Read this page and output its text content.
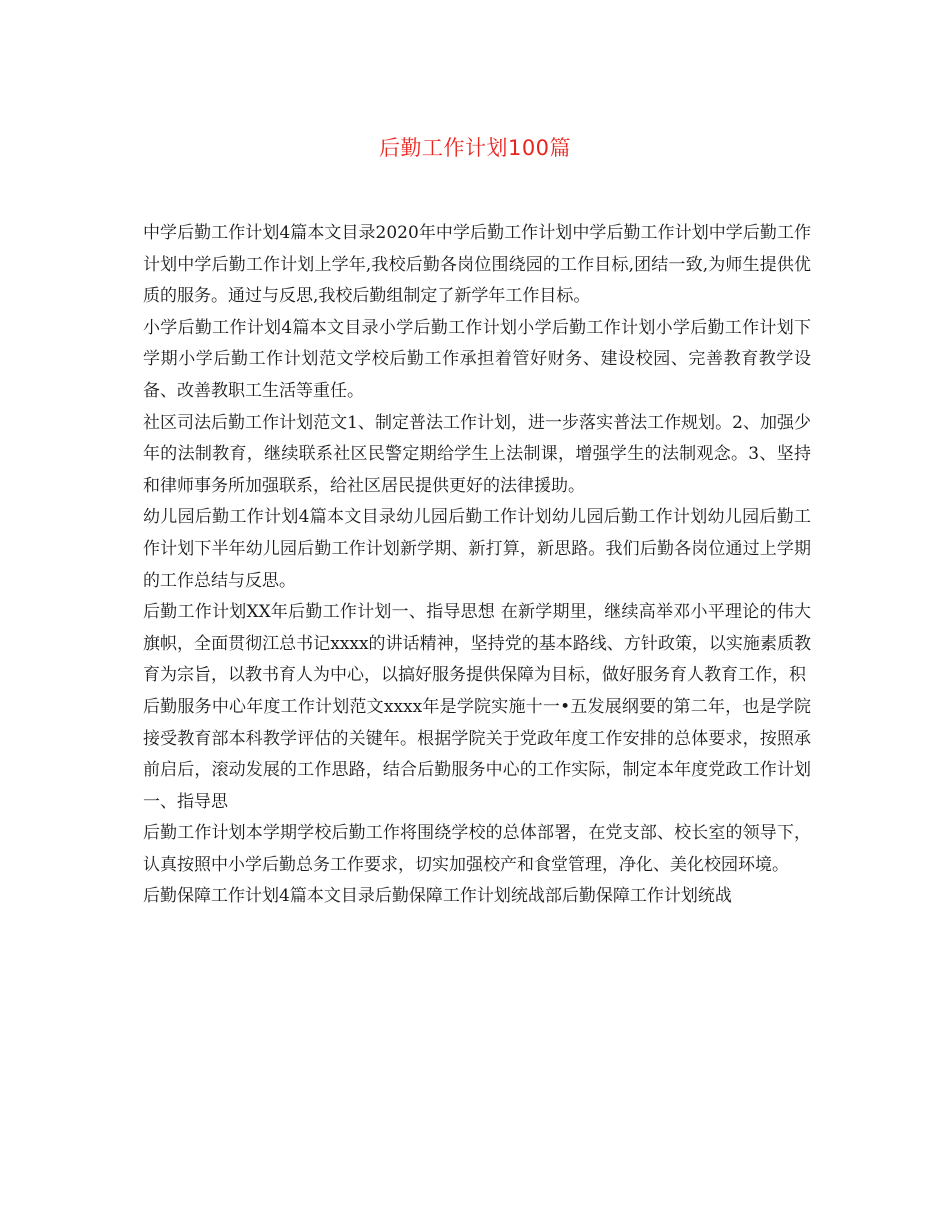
后勤工作计划100篇

中学后勤工作计划4篇本文目录2020年中学后勤工作计划中学后勤工作计划中学后勤工作计划中学后勤工作计划上学年,我校后勤各岗位围绕园的工作目标,团结一致,为师生提供优质的服务。通过与反思,我校后勤组制定了新学年工作目标。

小学后勤工作计划4篇本文目录小学后勤工作计划小学后勤工作计划小学后勤工作计划下学期小学后勤工作计划范文学校后勤工作承担着管好财务、建设校园、完善教育教学设备、改善教职工生活等重任。

社区司法后勤工作计划范文1、制定普法工作计划，进一步落实普法工作规划。2、加强少年的法制教育，继续联系社区民警定期给学生上法制课，增强学生的法制观念。3、坚持和律师事务所加强联系，给社区居民提供更好的法律援助。

幼儿园后勤工作计划4篇本文目录幼儿园后勤工作计划幼儿园后勤工作计划幼儿园后勤工作计划下半年幼儿园后勤工作计划新学期、新打算，新思路。我们后勤各岗位通过上学期的工作总结与反思。

后勤工作计划XX年后勤工作计划一、指导思想 在新学期里，继续高举邓小平理论的伟大旗帜，全面贯彻江总书记xxxx的讲话精神，坚持党的基本路线、方针政策，以实施素质教育为宗旨，以教书育人为中心，以搞好服务提供保障为目标，做好服务育人教育工作，积

后勤服务中心年度工作计划范文xxxx年是学院实施十一•五发展纲要的第二年，也是学院接受教育部本科教学评估的关键年。根据学院关于党政年度工作安排的总体要求，按照承前启后，滚动发展的工作思路，结合后勤服务中心的工作实际，制定本年度党政工作计划一、指导思

后勤工作计划本学期学校后勤工作将围绕学校的总体部署，在党支部、校长室的领导下，认真按照中小学后勤总务工作要求，切实加强校产和食堂管理，净化、美化校园环境。

后勤保障工作计划4篇本文目录后勤保障工作计划统战部后勤保障工作计划统战
